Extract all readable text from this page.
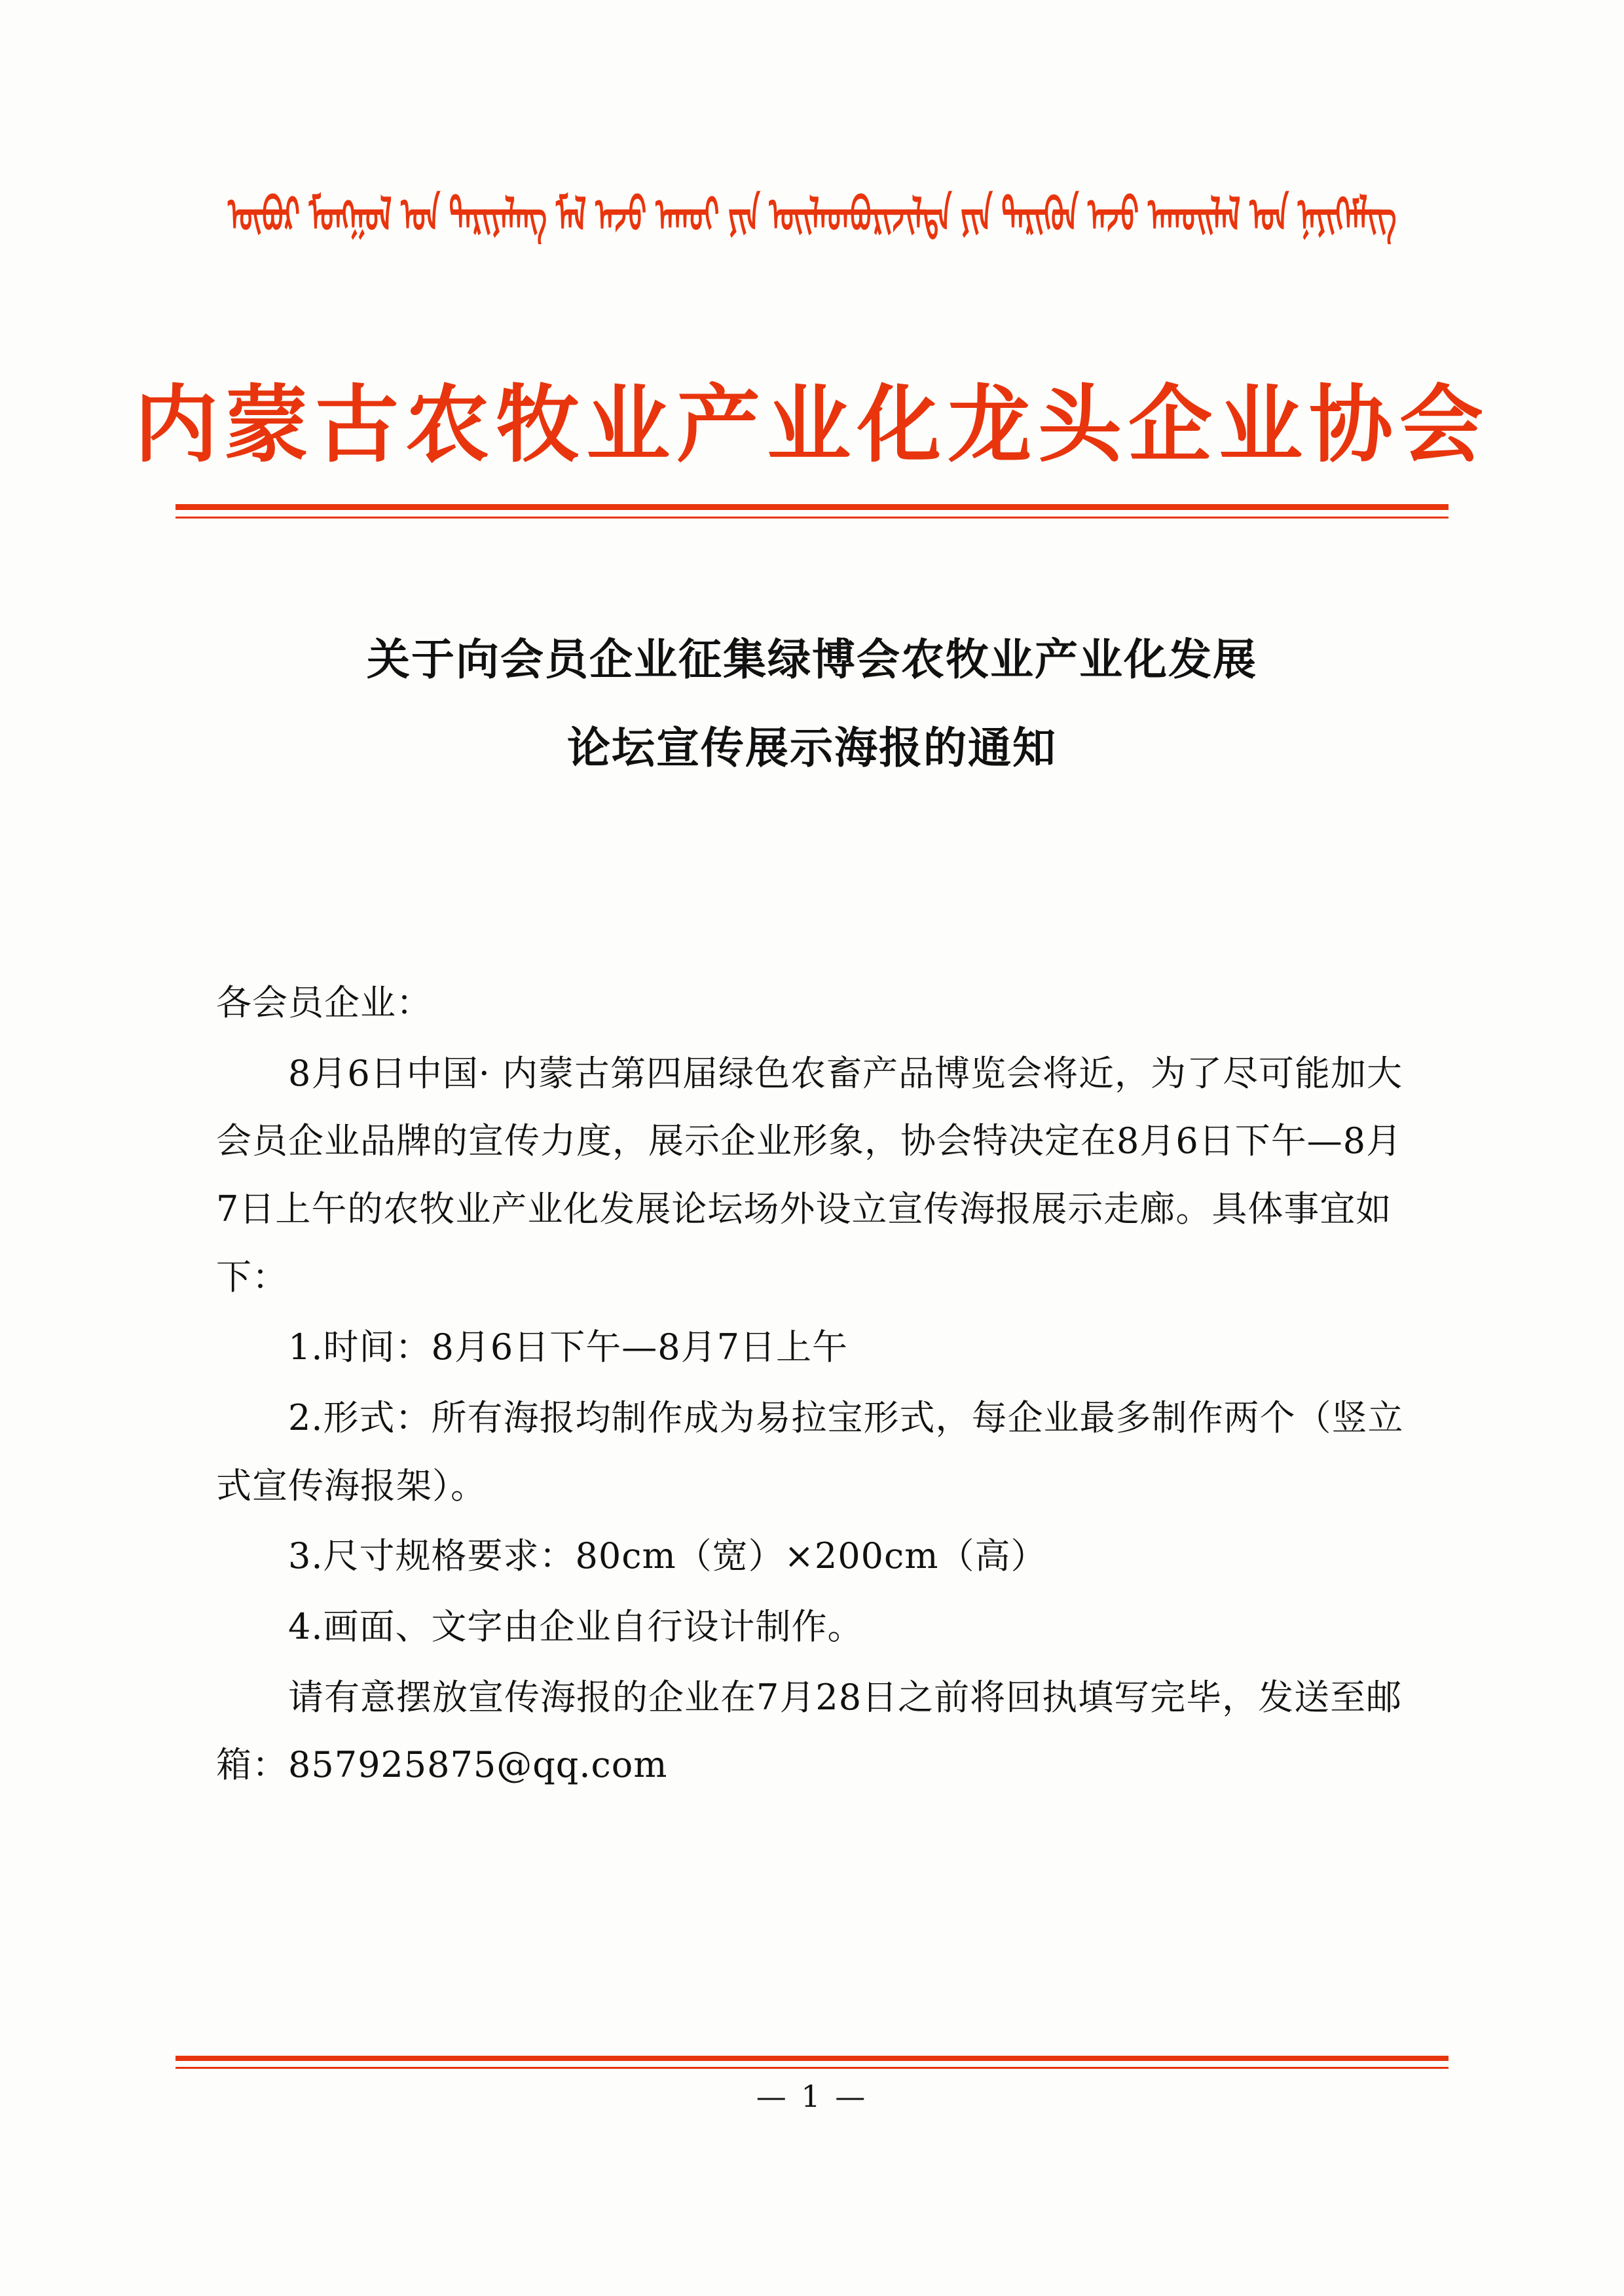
ᠥᠪᠥᠷ ᠮᠣᠩᠭᠤᠯ ᠤᠨ ᠲᠠᠷᠢᠶᠠᠯᠠᠩ ᠮᠠᠯ ᠠᠵᠤ ᠠᠬᠤᠢ ᠶᠢᠨ ᠦᠢᠯᠡᠳᠪᠦᠷᠢᠵᠢᠯᠲᠡ ᠶᠢᠨ ᠲᠡᠷᠢᠭᠦᠨ ᠠᠵᠤ ᠠᠬᠤᠢᠯᠠᠯ ᠤᠨ ᠨᠡᠶᠢᠭᠡᠮᠯᠢᠭ
内蒙古农牧业产业化龙头企业协会
关于向会员企业征集绿博会农牧业产业化发展
论坛宣传展示海报的通知

各会员企业：

8月6日中国· 内蒙古第四届绿色农畜产品博览会将近，为了尽可能加大会员企业品牌的宣传力度，展示企业形象，协会特决定在8月6日下午—8月7日上午的农牧业产业化发展论坛场外设立宣传海报展示走廊。具体事宜如下：

1.时间：8月6日下午—8月7日上午

2.形式：所有海报均制作成为易拉宝形式，每企业最多制作两个（竖立式宣传海报架）。

3.尺寸规格要求：80cm（宽）×200cm（高）

4.画面、文字由企业自行设计制作。

请有意摆放宣传海报的企业在7月28日之前将回执填写完毕，发送至邮箱：857925875@qq.com

— 1 —
